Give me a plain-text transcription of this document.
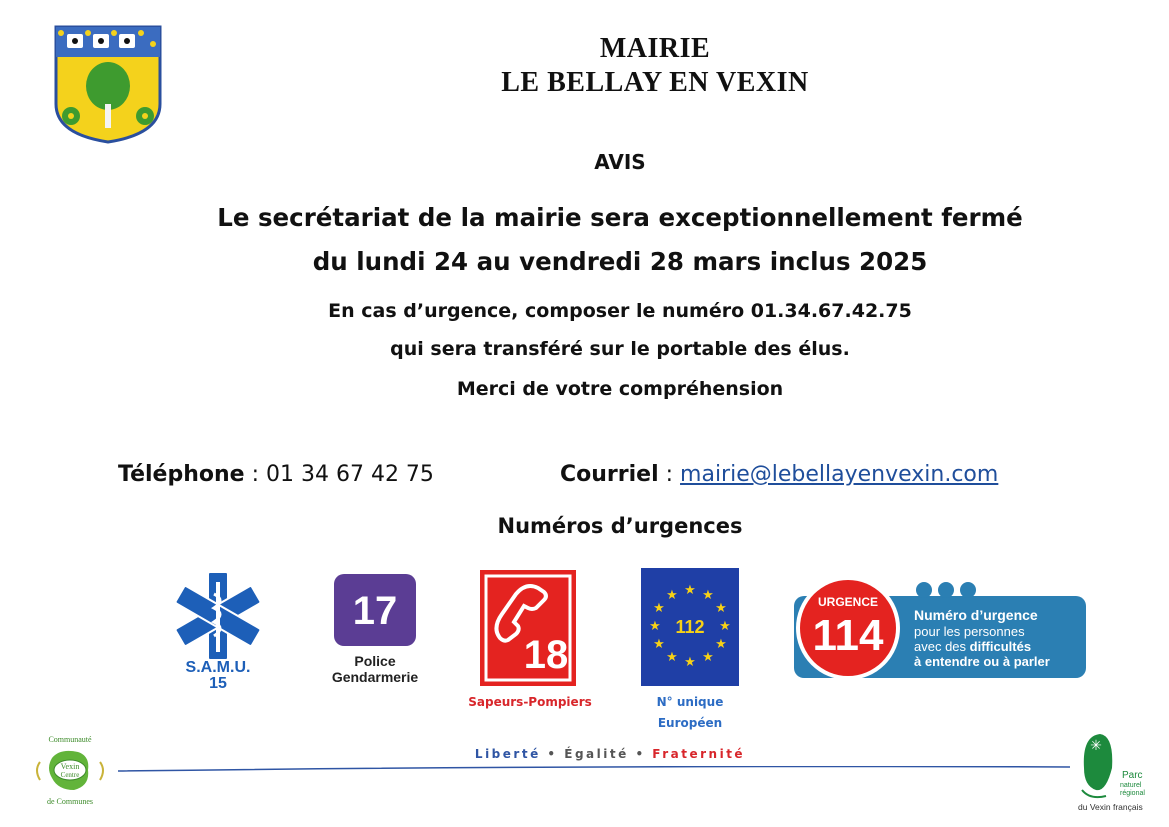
MAIRIE
LE BELLAY EN VEXIN
AVIS
Le secrétariat de la mairie sera exceptionnellement fermé
du lundi 24 au vendredi 28 mars inclus 2025
En cas d’urgence, composer le numéro 01.34.67.42.75
qui sera transféré sur le portable des élus.
Merci de votre compréhension
Téléphone : 01 34 67 42 75	Courriel : mairie@lebellayenvexin.com
Numéros d’urgences
S.A.M.U.
15
17
Police
Gendarmerie	18
Sapeurs-Pompiers
★ ★
★
★
★
★
★
★
★
★
★
★
112
N° unique
Européen
URGENCE
114 Numéro d’urgence
pour les personnes
avec des difficultés
à entendre ou à parler
Communauté
Vexin
Centre
de Communes
Liberté • Égalité • Fraternité	✳
Parc
naturel
régional
du Vexin français
